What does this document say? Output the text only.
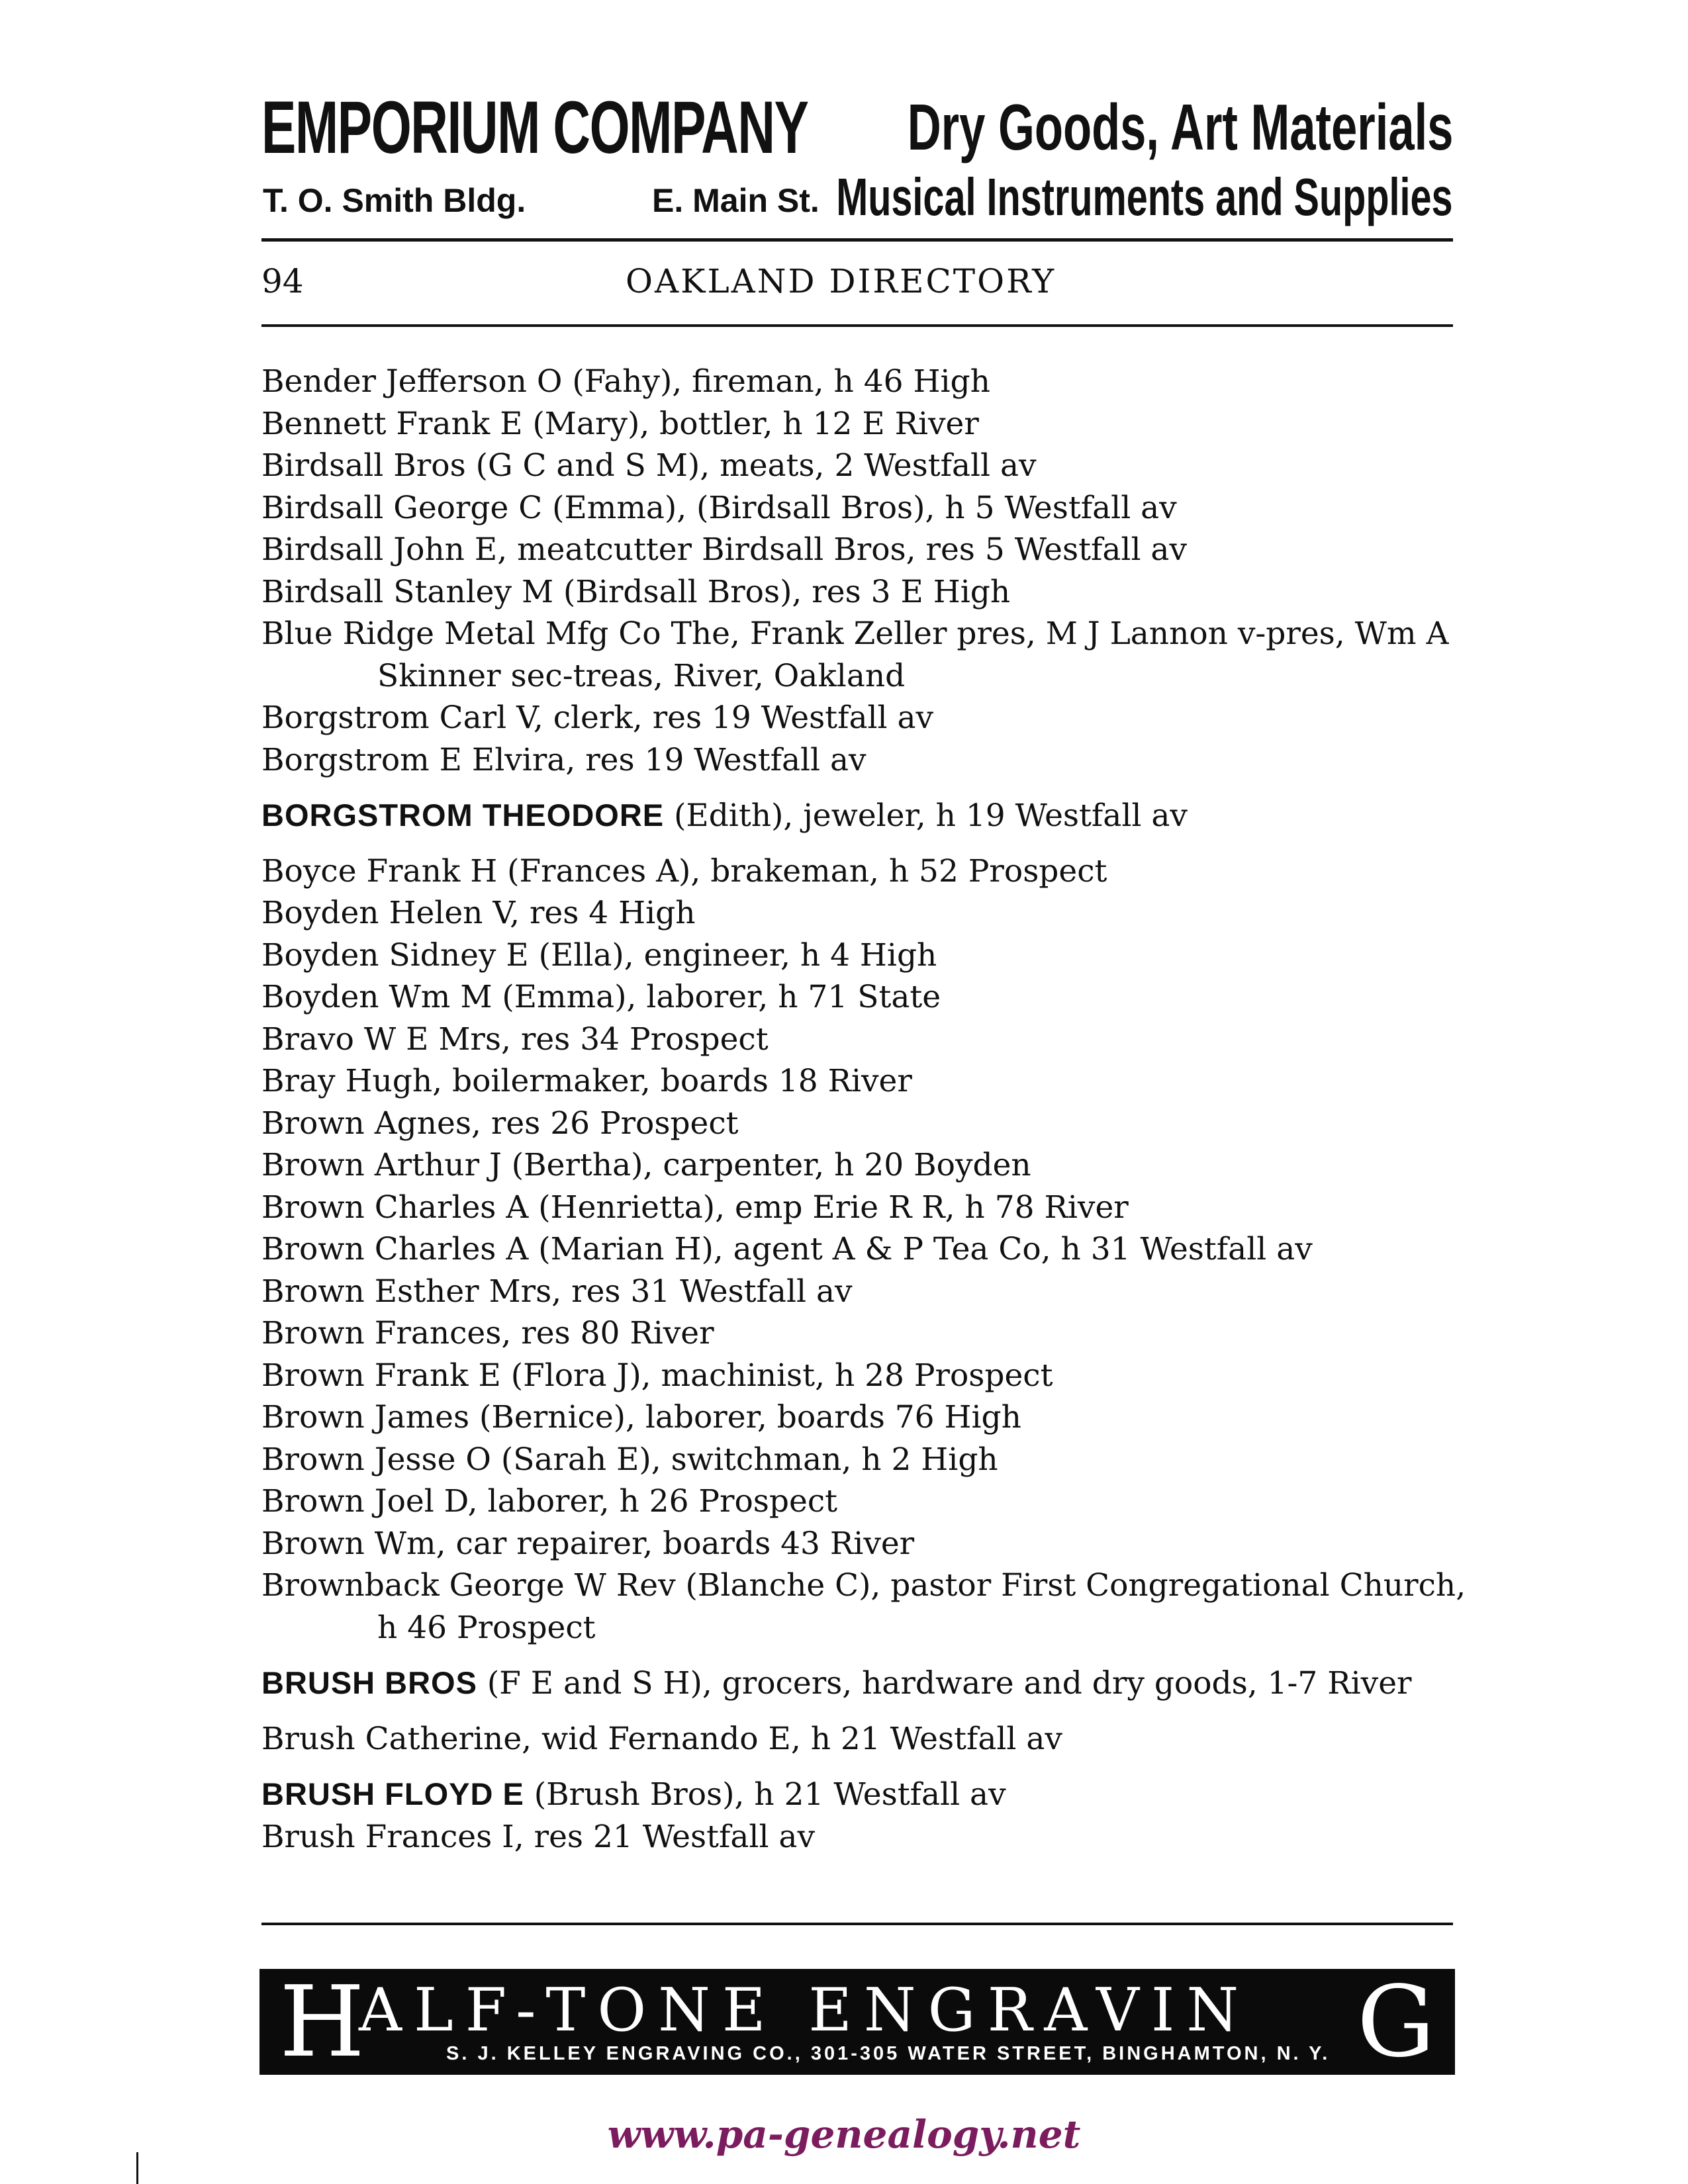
EMPORIUM COMPANY Dry Goods, Art Materials
T. O. Smith Bldg.	E. Main St. Musical Instruments and Supplies
94	OAKLAND DIRECTORY
Bender Jefferson O (Fahy), fireman, h 46 High
Bennett Frank E (Mary), bottler, h 12 E River
Birdsall Bros (G C and S M), meats, 2 Westfall av
Birdsall George C (Emma), (Birdsall Bros), h 5 Westfall av
Birdsall John E, meatcutter Birdsall Bros, res 5 Westfall av
Birdsall Stanley M (Birdsall Bros), res 3 E High
Blue Ridge Metal Mfg Co The, Frank Zeller pres, M J Lannon v-pres, Wm A Skinner sec-treas, River, Oakland
Borgstrom Carl V, clerk, res 19 Westfall av
Borgstrom E Elvira, res 19 Westfall av
BORGSTROM THEODORE (Edith), jeweler, h 19 Westfall av
Boyce Frank H (Frances A), brakeman, h 52 Prospect
Boyden Helen V, res 4 High
Boyden Sidney E (Ella), engineer, h 4 High
Boyden Wm M (Emma), laborer, h 71 State
Bravo W E Mrs, res 34 Prospect
Bray Hugh, boilermaker, boards 18 River
Brown Agnes, res 26 Prospect
Brown Arthur J (Bertha), carpenter, h 20 Boyden
Brown Charles A (Henrietta), emp Erie R R, h 78 River
Brown Charles A (Marian H), agent A & P Tea Co, h 31 Westfall av
Brown Esther Mrs, res 31 Westfall av
Brown Frances, res 80 River
Brown Frank E (Flora J), machinist, h 28 Prospect
Brown James (Bernice), laborer, boards 76 High
Brown Jesse O (Sarah E), switchman, h 2 High
Brown Joel D, laborer, h 26 Prospect
Brown Wm, car repairer, boards 43 River
Brownback George W Rev (Blanche C), pastor First Congregational Church, h 46 Prospect
BRUSH BROS (F E and S H), grocers, hardware and dry goods, 1-7 River
Brush Catherine, wid Fernando E, h 21 Westfall av
BRUSH FLOYD E (Brush Bros), h 21 Westfall av
Brush Frances I, res 21 Westfall av
H
ALF-TONE ENGRAVIN G
S. J. KELLEY ENGRAVING CO., 301-305 WATER STREET, BINGHAMTON, N. Y.
www.pa-genealogy.net
